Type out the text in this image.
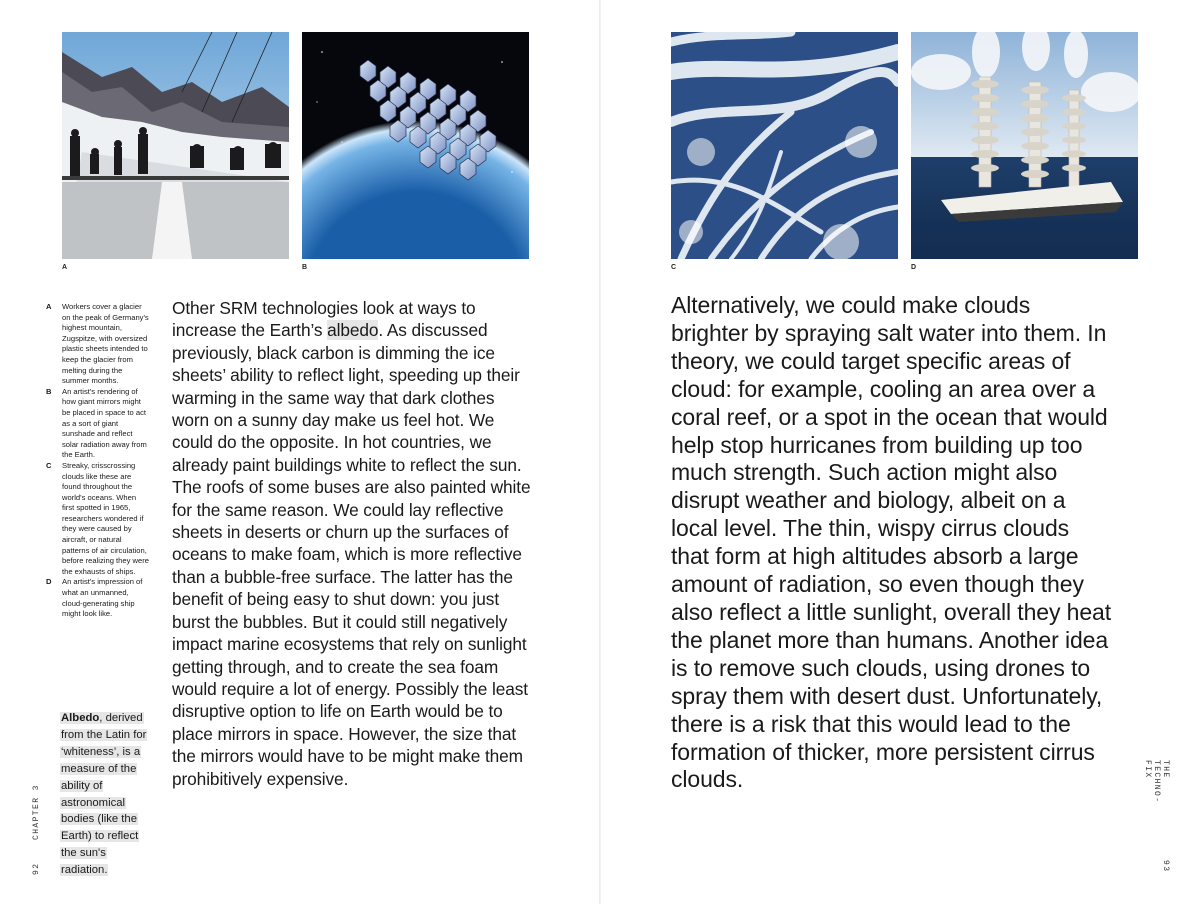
A	B	C	D
A	Workers cover a glacier on the peak of Germany's highest mountain, Zugspitze, with oversized plastic sheets intended to keep the glacier from melting during the summer months.
B	An artist's rendering of how giant mirrors might be placed in space to act as a sort of giant sunshade and reflect solar radiation away from the Earth.
C	Streaky, crisscrossing clouds like these are found throughout the world's oceans. When first spotted in 1965, researchers wondered if they were caused by aircraft, or natural patterns of air circulation, before realizing they were the exhausts of ships.
D	An artist's impression of what an unmanned, cloud-generating ship might look like.
Albedo, derived from the Latin for ‘whiteness’, is a measure of the ability of astronomical bodies (like the Earth) to reflect the sun's radiation.
Other SRM technologies look at ways to increase the Earth’s albedo. As discussed previously, black carbon is dimming the ice sheets’ ability to reflect light, speeding up their warming in the same way that dark clothes worn on a sunny day make us feel hot. We could do the opposite. In hot countries, we already paint buildings white to reflect the sun. The roofs of some buses are also painted white for the same reason. We could lay reflective sheets in deserts or churn up the surfaces of oceans to make foam, which is more reflective than a bubble-free surface. The latter has the benefit of being easy to shut down: you just burst the bubbles. But it could still negatively impact marine ecosystems that rely on sunlight getting through, and to create the sea foam would require a lot of energy. Possibly the least disruptive option to life on Earth would be to place mirrors in space. However, the size that the mirrors would have to be might make them prohibitively expensive.
Alternatively, we could make clouds brighter by spraying salt water into them. In theory, we could target specific areas of cloud: for example, cooling an area over a coral reef, or a spot in the ocean that would help stop hurricanes from building up too much strength. Such action might also disrupt weather and biology, albeit on a local level. The thin, wispy cirrus clouds that form at high altitudes absorb a large amount of radiation, so even though they also reflect a little sunlight, overall they heat the planet more than humans. Another idea is to remove such clouds, using drones to spray them with desert dust. Unfortunately, there is a risk that this would lead to the formation of thicker, more persistent cirrus clouds.
92
CHAPTER 3
THE TECHNO-FIX
93
